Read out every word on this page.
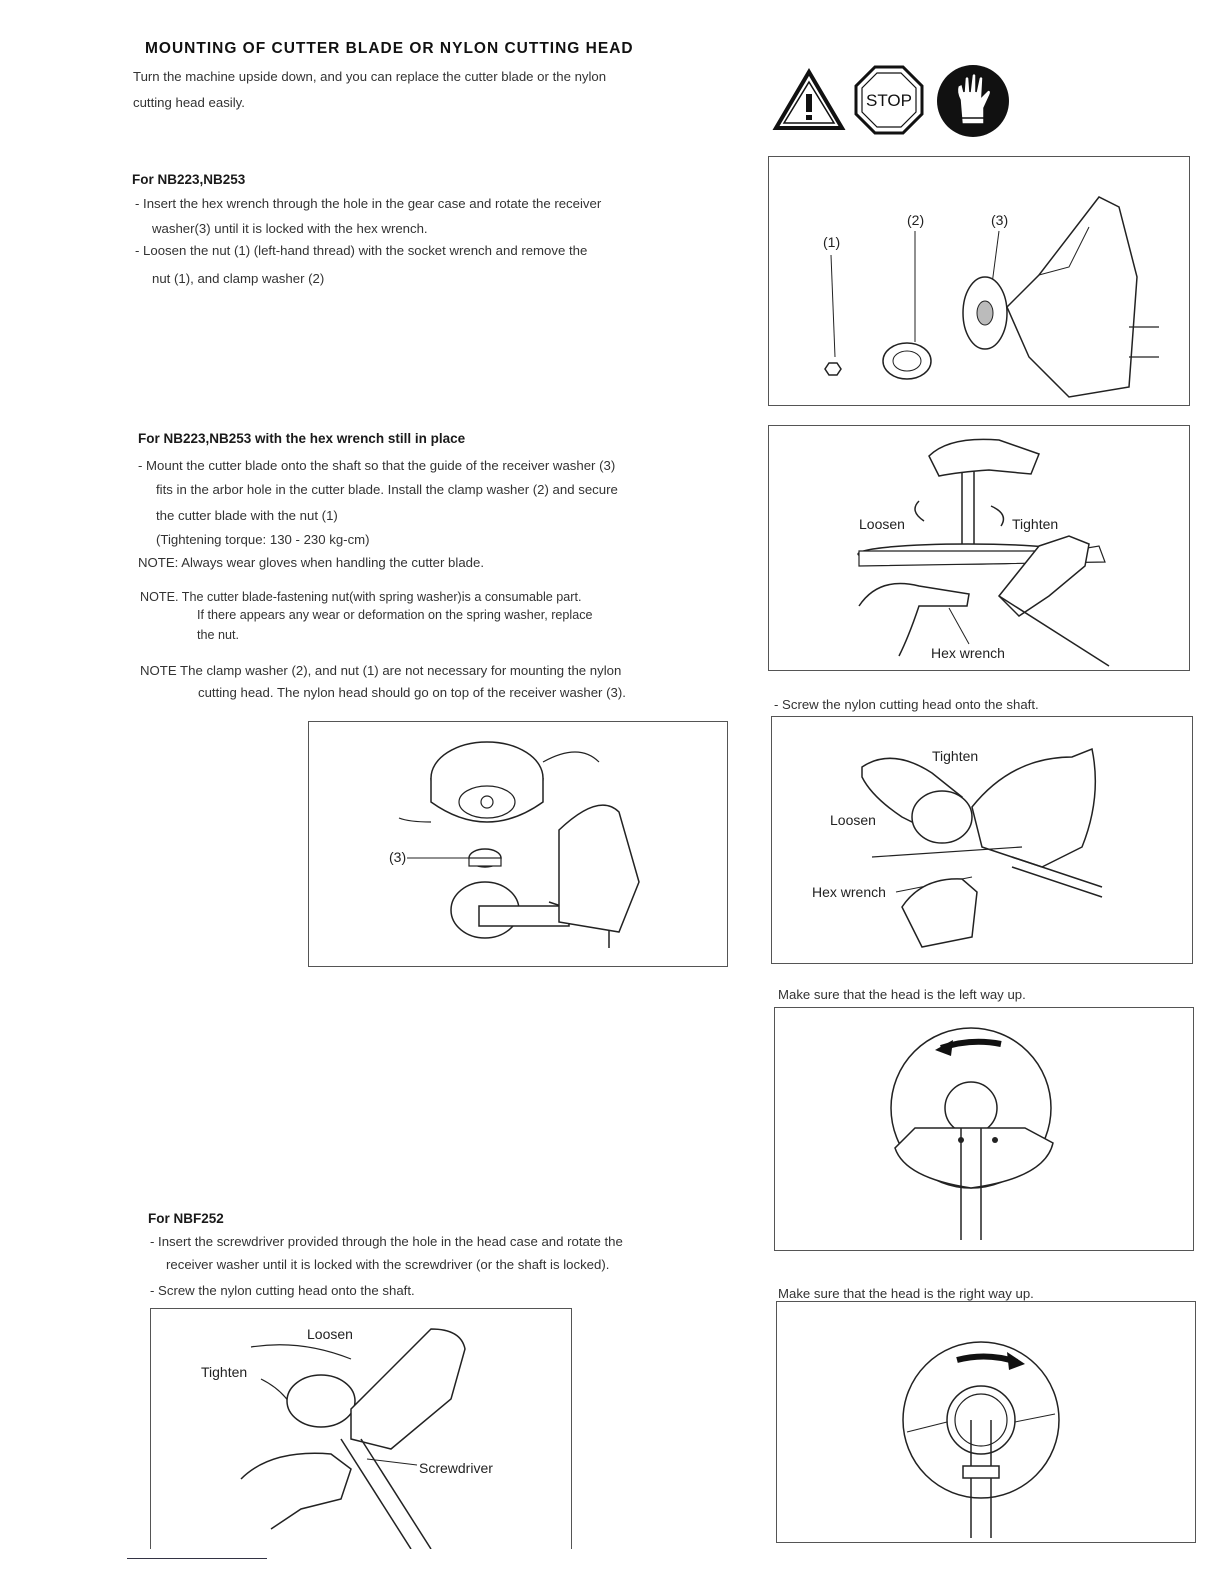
MOUNTING OF CUTTER BLADE OR NYLON CUTTING HEAD
Turn the machine upside down, and you can replace the cutter blade or the nylon
cutting head easily.
For NB223,NB253
- Insert the hex wrench through the hole in the gear case and rotate the receiver
washer(3) until it is locked with the hex wrench.
- Loosen the nut (1) (left-hand thread) with the socket wrench and remove the
nut (1), and clamp washer (2)
For NB223,NB253 with the hex wrench still in place
- Mount the cutter blade onto the shaft so that the guide of the receiver washer (3)
fits in the arbor hole in the cutter blade. Install the clamp washer (2) and secure
the cutter blade with the nut (1)
(Tightening torque: 130 - 230 kg-cm)
NOTE: Always wear gloves when handling the cutter blade.
NOTE. The cutter blade-fastening nut(with spring washer)is a consumable part.
If there appears any wear or deformation on the spring washer, replace
the nut.
NOTE The clamp washer (2), and nut (1) are not necessary for mounting the nylon
cutting head. The nylon head should go on top of the receiver washer (3).
For NBF252
- Insert the screwdriver provided through the hole in the head case and rotate the
receiver washer until it is locked with the screwdriver (or the shaft is locked).
- Screw the nylon cutting head onto the shaft.
STOP
(1)
(2)	(3)
Loosen	Tighten
Hex wrench
- Screw the nylon cutting head onto the shaft.
Tighten
Loosen
Hex wrench
(3)
Make sure that the head is the left way up.
Make sure that the head is the right way up.
Loosen
Tighten
Screwdriver
